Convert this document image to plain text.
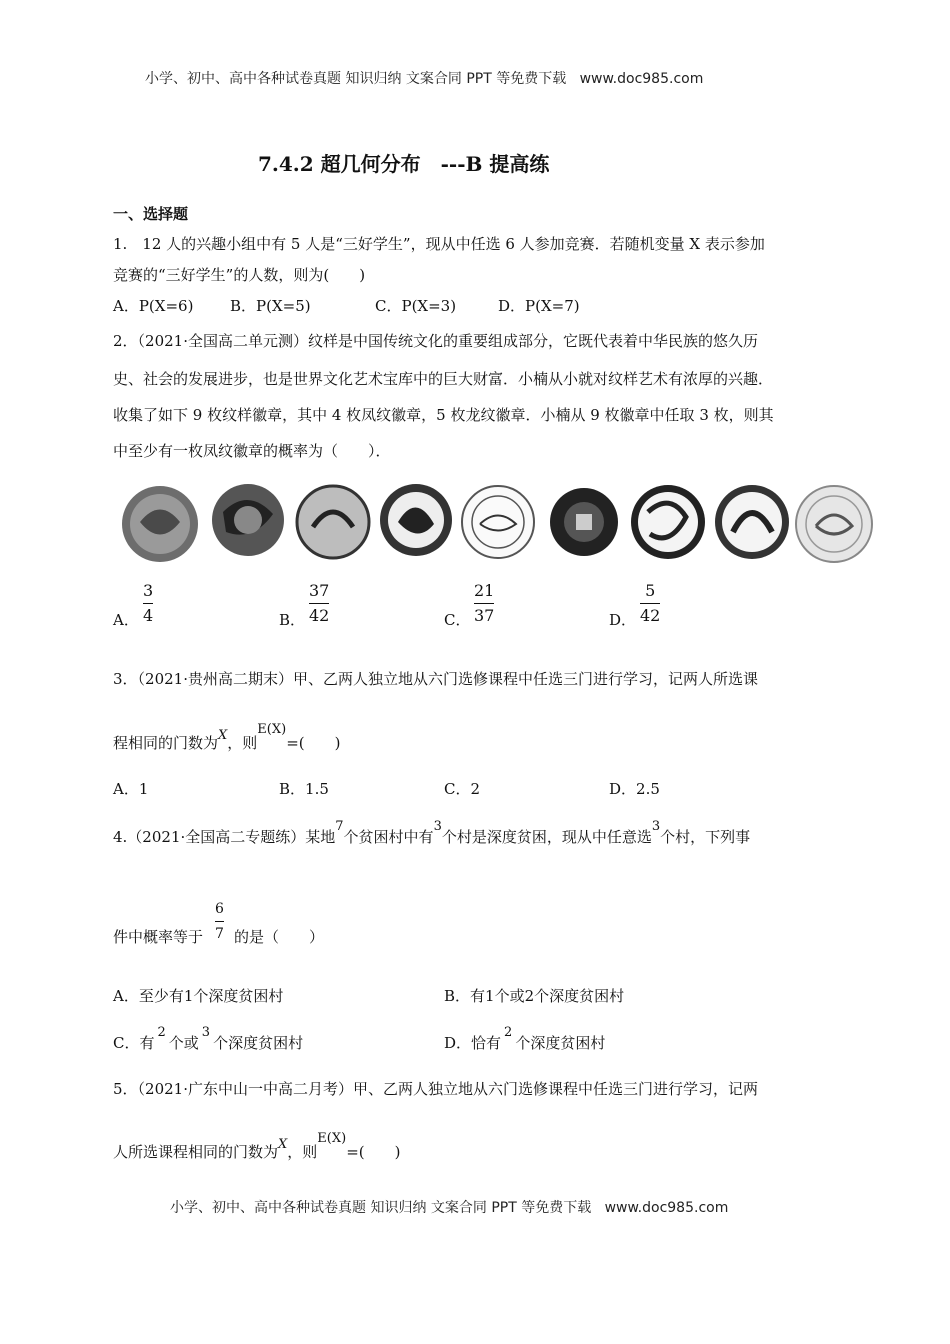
小学、初中、高中各种试卷真题 知识归纳 文案合同 PPT 等免费下载 www.doc985.com
7.4.2 超几何分布　---B 提高练
一、选择题
1.　12 人的兴趣小组中有 5 人是“三好学生”，现从中任选 6 人参加竞赛．若随机变量 X 表示参加
竞赛的“三好学生”的人数，则为(　　)
A．P(X=6) B．P(X=5)	C．P(X=3)	D．P(X=7)
2．（2021·全国高二单元测）纹样是中国传统文化的重要组成部分，它既代表着中华民族的悠久历
史、社会的发展进步，也是世界文化艺术宝库中的巨大财富．小楠从小就对纹样艺术有浓厚的兴趣．
收集了如下 9 枚纹样徽章，其中 4 枚凤纹徽章，5 枚龙纹徽章．小楠从 9 枚徽章中任取 3 枚，则其
中至少有一枚凤纹徽章的概率为（　　）．
A．
3
4	B．
37
42	C．
21
37	D．
5
42
3．（2021·贵州高二期末）甲、乙两人独立地从六门选修课程中任选三门进行学习，记两人所选课
程相同的门数为X，则E(X)=(　　)
A．1	B．1.5	C．2	D．2.5
4.（2021·全国高二专题练）某地7个贫困村中有3个村是深度贫困，现从中任意选3个村，下列事
件中概率等于
6
7 的是（　　）
A．至少有1个深度贫困村	B．有1个或2个深度贫困村
C．有2个或3个深度贫困村	D．恰有2个深度贫困村
5．（2021·广东中山一中高二月考）甲、乙两人独立地从六门选修课程中任选三门进行学习，记两
人所选课程相同的门数为X，则E(X)=(　　)
小学、初中、高中各种试卷真题 知识归纳 文案合同 PPT 等免费下载 www.doc985.com
